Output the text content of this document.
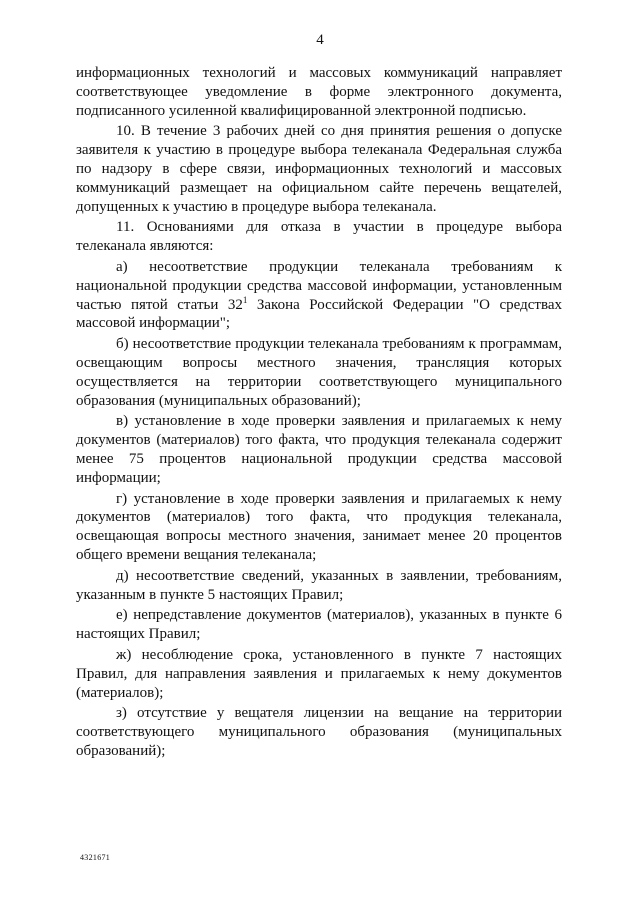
4

информационных технологий и массовых коммуникаций направляет соответствующее уведомление в форме электронного документа, подписанного усиленной квалифицированной электронной подписью.

10. В течение 3 рабочих дней со дня принятия решения о допуске заявителя к участию в процедуре выбора телеканала Федеральная служба по надзору в сфере связи, информационных технологий и массовых коммуникаций размещает на официальном сайте перечень вещателей, допущенных к участию в процедуре выбора телеканала.

11. Основаниями для отказа в участии в процедуре выбора телеканала являются:

а) несоответствие продукции телеканала требованиям к национальной продукции средства массовой информации, установленным частью пятой статьи $32^1$ Закона Российской Федерации "О средствах массовой информации";

б) несоответствие продукции телеканала требованиям к программам, освещающим вопросы местного значения, трансляция которых осуществляется на территории соответствующего муниципального образования (муниципальных образований);

в) установление в ходе проверки заявления и прилагаемых к нему документов (материалов) того факта, что продукция телеканала содержит менее 75 процентов национальной продукции средства массовой информации;

г) установление в ходе проверки заявления и прилагаемых к нему документов (материалов) того факта, что продукция телеканала, освещающая вопросы местного значения, занимает менее 20 процентов общего времени вещания телеканала;

д) несоответствие сведений, указанных в заявлении, требованиям, указанным в пункте 5 настоящих Правил;

е) непредставление документов (материалов), указанных в пункте 6 настоящих Правил;

ж) несоблюдение срока, установленного в пункте 7 настоящих Правил, для направления заявления и прилагаемых к нему документов (материалов);

з) отсутствие у вещателя лицензии на вещание на территории соответствующего муниципального образования (муниципальных образований);

4321671
